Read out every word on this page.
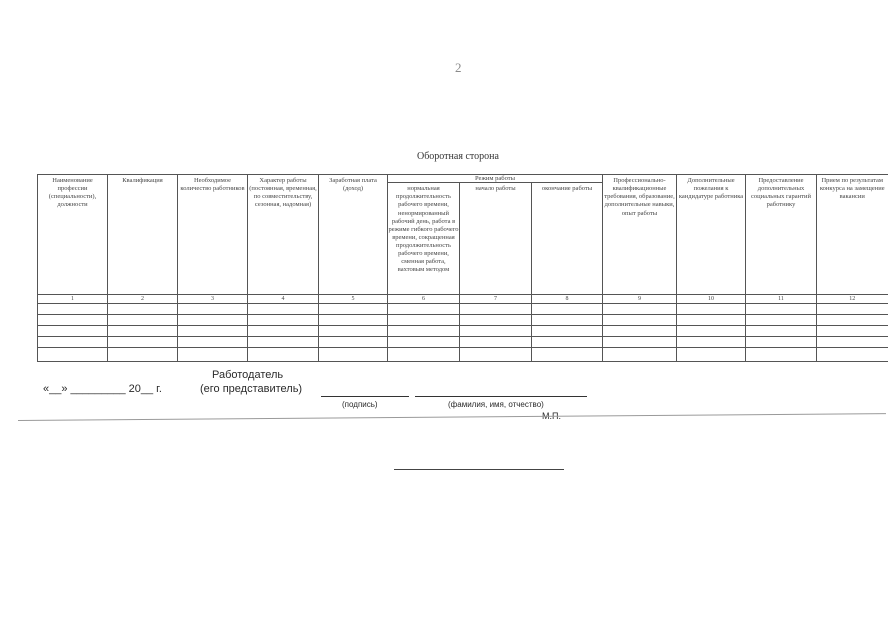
2
Оборотная сторона
Наименование профессии (специальности), должности	Квалификация	Необходимое количество работников	Характер работы (постоянная, временная, по совместительству, сезонная, надомная)	Заработная плата (доход)	Режим работы			Профессионально-квалификационные требования, образование, дополнительные навыки, опыт работы	Дополнительные пожелания к кандидатуре работника	Предоставление дополнительных социальных гарантий работнику	Прием по результатам конкурса на замещение вакансии
					нормальная продолжительность рабочего времени, ненормированный рабочий день, работа в режиме гибкого рабочего времени, сокращенная продолжительность рабочего времени, сменная работа, вахтовым методом	начало работы	окончание работы				
1	2	3	4	5	6	7	8	9	10	11	12

Работодатель
«__» _________ 20__ г.	(его представитель)
(подпись)	(фамилия, имя, отчество)
М.П.
